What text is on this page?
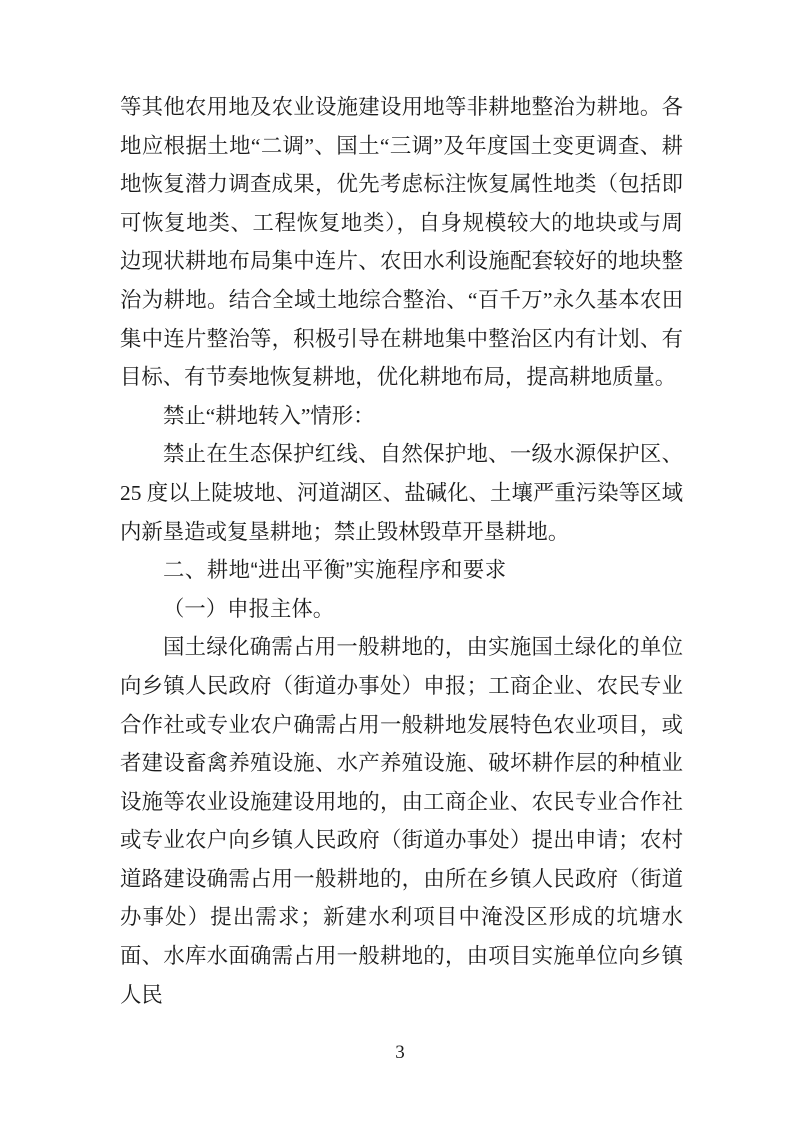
等其他农用地及农业设施建设用地等非耕地整治为耕地。各地应根据土地“二调”、国土“三调”及年度国土变更调查、耕地恢复潜力调查成果，优先考虑标注恢复属性地类（包括即可恢复地类、工程恢复地类），自身规模较大的地块或与周边现状耕地布局集中连片、农田水利设施配套较好的地块整治为耕地。结合全域土地综合整治、“百千万”永久基本农田集中连片整治等，积极引导在耕地集中整治区内有计划、有目标、有节奏地恢复耕地，优化耕地布局，提高耕地质量。

禁止“耕地转入”情形：

禁止在生态保护红线、自然保护地、一级水源保护区、25 度以上陡坡地、河道湖区、盐碱化、土壤严重污染等区域内新垦造或复垦耕地；禁止毁林毁草开垦耕地。

二、耕地“进出平衡”实施程序和要求
（一）申报主体。

国土绿化确需占用一般耕地的，由实施国土绿化的单位向乡镇人民政府（街道办事处）申报；工商企业、农民专业合作社或专业农户确需占用一般耕地发展特色农业项目，或者建设畜禽养殖设施、水产养殖设施、破坏耕作层的种植业设施等农业设施建设用地的，由工商企业、农民专业合作社或专业农户向乡镇人民政府（街道办事处）提出申请；农村道路建设确需占用一般耕地的，由所在乡镇人民政府（街道办事处）提出需求；新建水利项目中淹没区形成的坑塘水面、水库水面确需占用一般耕地的，由项目实施单位向乡镇人民

3
